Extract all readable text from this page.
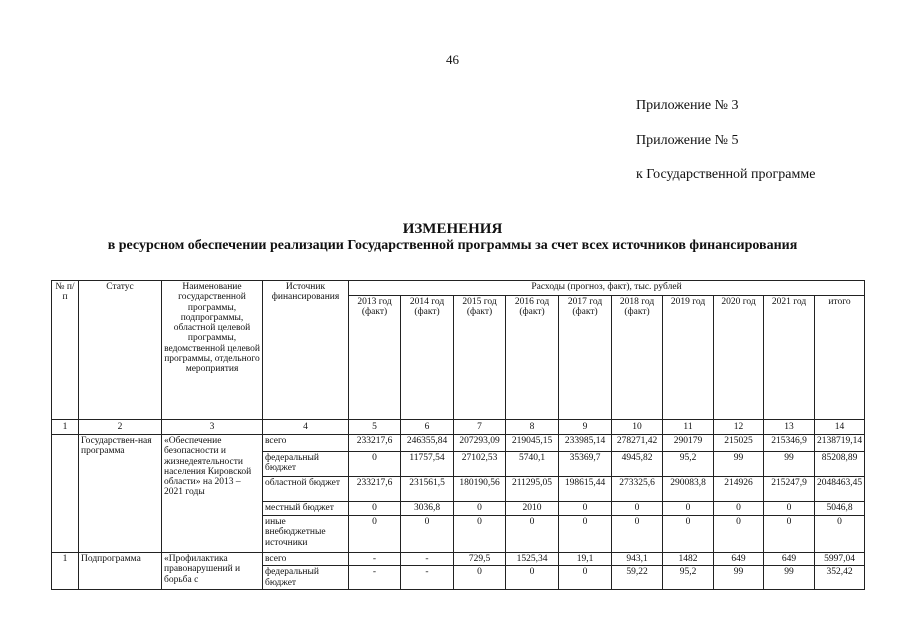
46
Приложение № 3
Приложение № 5
к Государственной программе
ИЗМЕНЕНИЯ
в ресурсном обеспечении реализации Государственной программы за счет всех источников финансирования
№ п/п	Статус	Наименование государственной программы, подпрограммы, областной целевой программы, ведомственной целевой программы, отдельного мероприятия	Источник финансирования	Расходы (прогноз, факт), тыс. рублей									
				2013 год (факт)	2014 год (факт)	2015 год (факт)	2016 год (факт)	2017 год (факт)	2018 год (факт)	2019 год	2020 год	2021 год	итого
1	2	3	4	5	6	7	8	9	10	11	12	13	14
	Государствен-ная программа	«Обеспечение безопасности и жизнедеятельности населения Кировской области» на 2013 – 2021 годы	всего	233217,6	246355,84	207293,09	219045,15	233985,14	278271,42	290179	215025	215346,9	2138719,14
			федеральный бюджет	0	11757,54	27102,53	5740,1	35369,7	4945,82	95,2	99	99	85208,89
			областной бюджет	233217,6	231561,5	180190,56	211295,05	198615,44	273325,6	290083,8	214926	215247,9	2048463,45
			местный бюджет	0	3036,8	0	2010	0	0	0	0	0	5046,8
			иные внебюджетные источники	0	0	0	0	0	0	0	0	0	0
1	Подпрограмма	«Профилактика правонарушений и борьба с	всего	-	-	729,5	1525,34	19,1	943,1	1482	649	649	5997,04
			федеральный бюджет	-	-	0	0	0	59,22	95,2	99	99	352,42
